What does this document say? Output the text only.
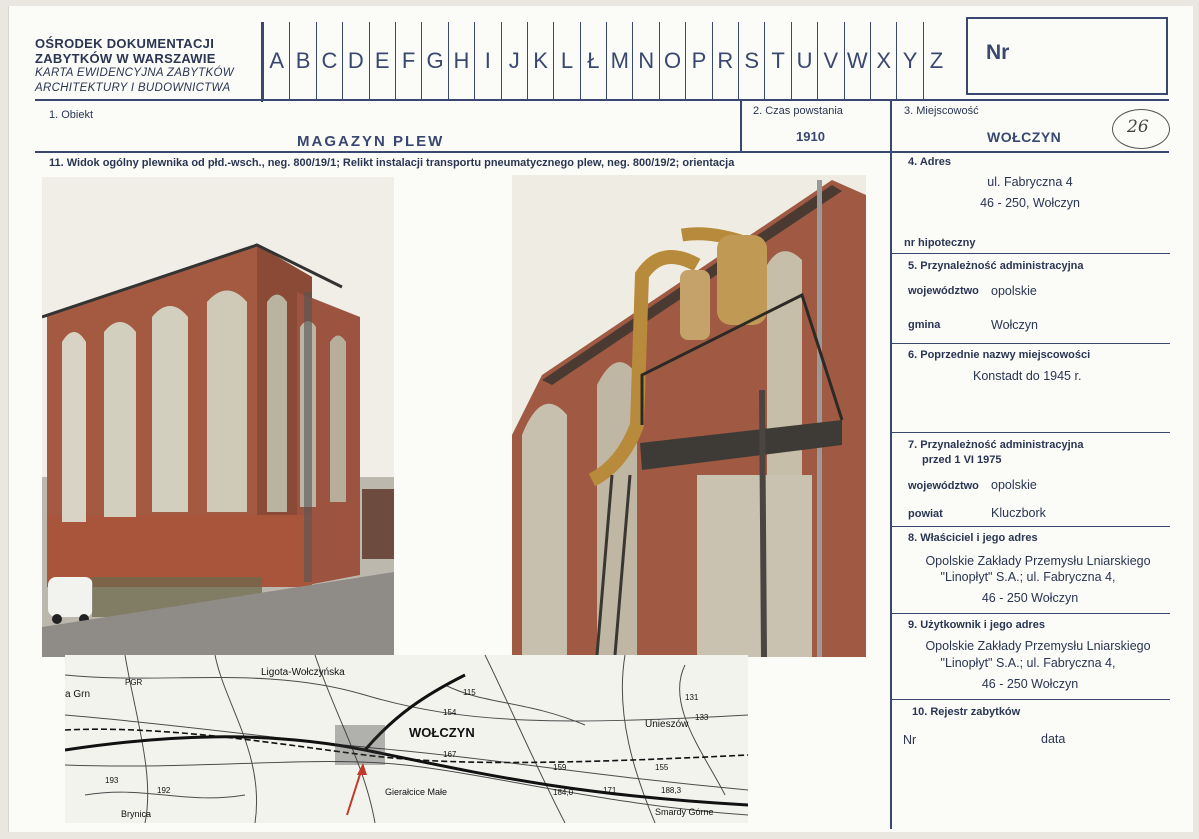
OŚRODEK DOKUMENTACJI
ZABYTKÓW W WARSZAWIE
KARTA EWIDENCYJNA ZABYTKÓW
ARCHITEKTURY I BUDOWNICTWA
A B C D E F G H I J K L Ł M N O P R S T U V W X Y Z Nr
1. Obiekt
MAGAZYN PLEW
2. Czas powstania
1910
3. Miejscowość
WOŁCZYN	26
11. Widok ogólny plewnika od płd.-wsch., neg. 800/19/1; Relikt instalacji transportu pneumatycznego plew, neg. 800/19/2; orientacja
WOŁCZYN
Ligota-Wołczyńska
Unieszów
Gierałcice Małe
Smardy Górne
Brynica
a Grn
PGR
115
154
167
159	155
171
131
133
184,0	188,3
193
192
4. Adres
ul. Fabryczna 4
46 - 250, Wołczyn
nr hipoteczny
5. Przynależność administracyjna
województwo opolskie
gmina	Wołczyn
6. Poprzednie nazwy miejscowości
Konstadt do 1945 r.
7. Przynależność administracyjna
przed 1 VI 1975
województwo opolskie
powiat	Kluczbork
8. Właściciel i jego adres
Opolskie Zakłady Przemysłu Lniarskiego
"Linopłyt" S.A.; ul. Fabryczna 4,
46 - 250 Wołczyn
9. Użytkownik i jego adres
Opolskie Zakłady Przemysłu Lniarskiego
"Linopłyt" S.A.; ul. Fabryczna 4,
46 - 250 Wołczyn
10. Rejestr zabytków
Nr	data
